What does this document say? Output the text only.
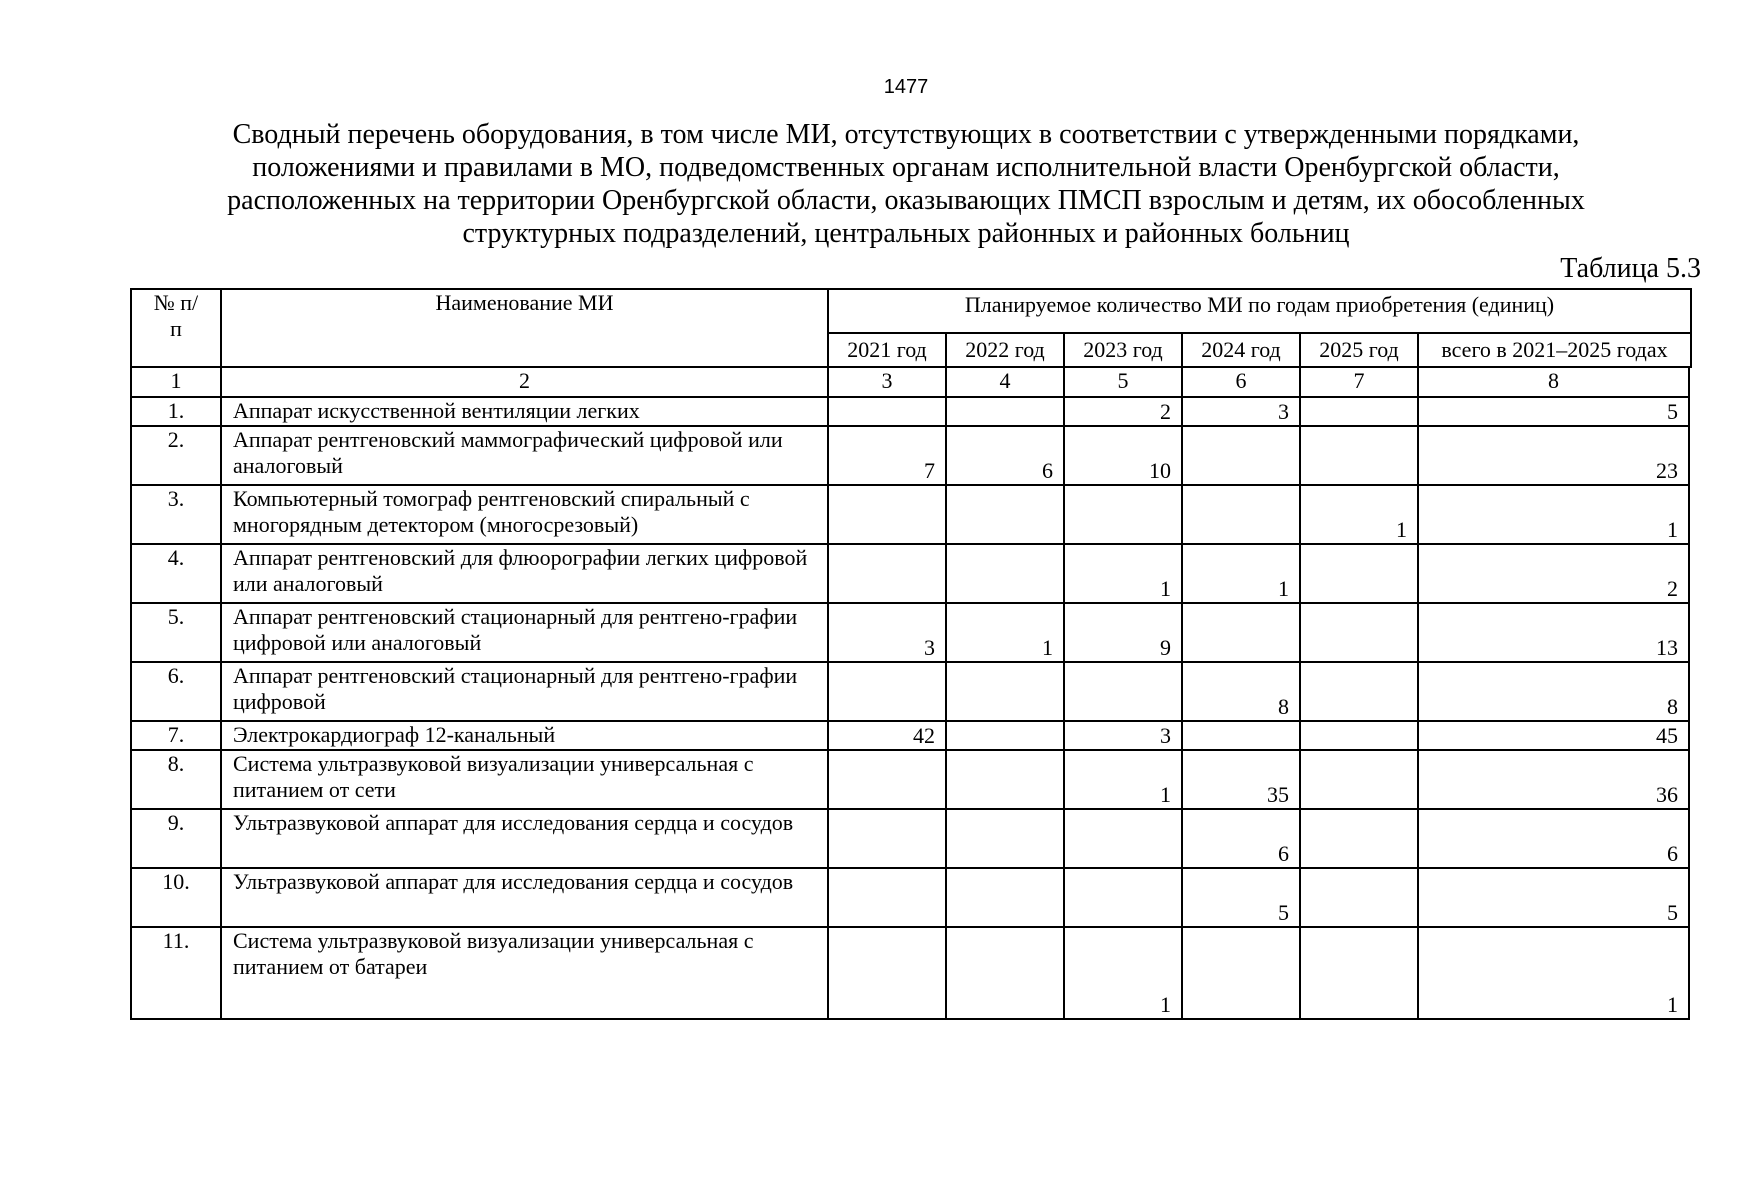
1477
Сводный перечень оборудования, в том числе МИ, отсутствующих в соответствии с утвержденными порядками,
положениями и правилами в МО, подведомственных органам исполнительной власти Оренбургской области,
расположенных на территории Оренбургской области, оказывающих ПМСП взрослым и детям, их обособленных
структурных подразделений, центральных районных и районных больниц
Таблица 5.3
№ п/п	Наименование МИ	Планируемое количество МИ по годам приобретения (единиц)					
		2021 год	2022 год	2023 год	2024 год	2025 год	всего в 2021–2025 годах
1	2	3	4	5	6	7	8
1.	Аппарат искусственной вентиляции легких			2	3		5
2.	Аппарат рентгеновский маммографический цифровой или аналоговый	7	6	10			23
3.	Компьютерный томограф рентгеновский спиральный с многорядным детектором (многосрезовый)					1	1
4.	Аппарат рентгеновский для флюорографии легких цифровой или аналоговый			1	1		2
5.	Аппарат рентгеновский стационарный для рентгено-графии цифровой или аналоговый	3	1	9			13
6.	Аппарат рентгеновский стационарный для рентгено-графии цифровой				8		8
7.	Электрокардиограф 12-канальный	42		3			45
8.	Система ультразвуковой визуализации универсальная с питанием от сети			1	35		36
9.	Ультразвуковой аппарат для исследования сердца и сосудов				6		6
10.	Ультразвуковой аппарат для исследования сердца и сосудов				5		5
11.	Система ультразвуковой визуализации универсальная с питанием от батареи			1			1
